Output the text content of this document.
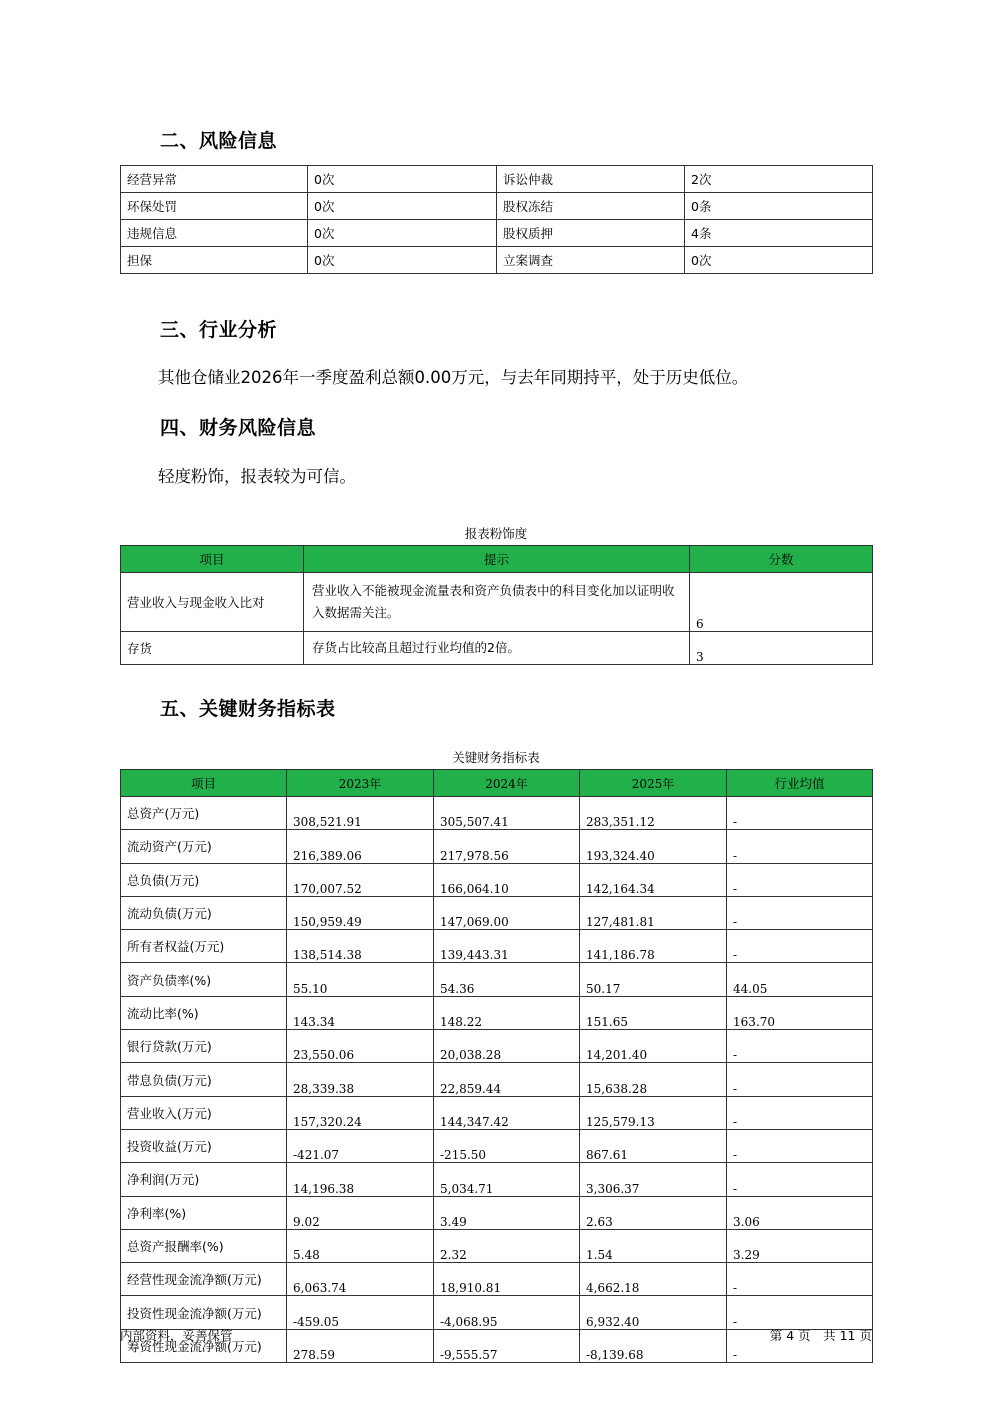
二、风险信息
经营异常	0次	诉讼仲裁	2次
环保处罚	0次	股权冻结	0条
违规信息	0次	股权质押	4条
担保	0次	立案调查	0次
三、行业分析

其他仓储业2026年一季度盈利总额0.00万元，与去年同期持平，处于历史低位。

四、财务风险信息

轻度粉饰，报表较为可信。

报表粉饰度
项目	提示	分数
营业收入与现金收入比对	营业收入不能被现金流量表和资产负债表中的科目变化加以证明收入数据需关注。	6
存货	存货占比较高且超过行业均值的2倍。	3
五、关键财务指标表
关键财务指标表
项目	2023年	2024年	2025年	行业均值
总资产(万元)	308,521.91	305,507.41	283,351.12	-
流动资产(万元)	216,389.06	217,978.56	193,324.40	-
总负债(万元)	170,007.52	166,064.10	142,164.34	-
流动负债(万元)	150,959.49	147,069.00	127,481.81	-
所有者权益(万元)	138,514.38	139,443.31	141,186.78	-
资产负债率(%)	55.10	54.36	50.17	44.05
流动比率(%)	143.34	148.22	151.65	163.70
银行贷款(万元)	23,550.06	20,038.28	14,201.40	-
带息负债(万元)	28,339.38	22,859.44	15,638.28	-
营业收入(万元)	157,320.24	144,347.42	125,579.13	-
投资收益(万元)	-421.07	-215.50	867.61	-
净利润(万元)	14,196.38	5,034.71	3,306.37	-
净利率(%)	9.02	3.49	2.63	3.06
总资产报酬率(%)	5.48	2.32	1.54	3.29
经营性现金流净额(万元)	6,063.74	18,910.81	4,662.18	-
投资性现金流净额(万元)	-459.05	-4,068.95	6,932.40	-
筹资性现金流净额(万元)	278.59	-9,555.57	-8,139.68	-
内部资料，妥善保管	第 4 页　共 11 页
